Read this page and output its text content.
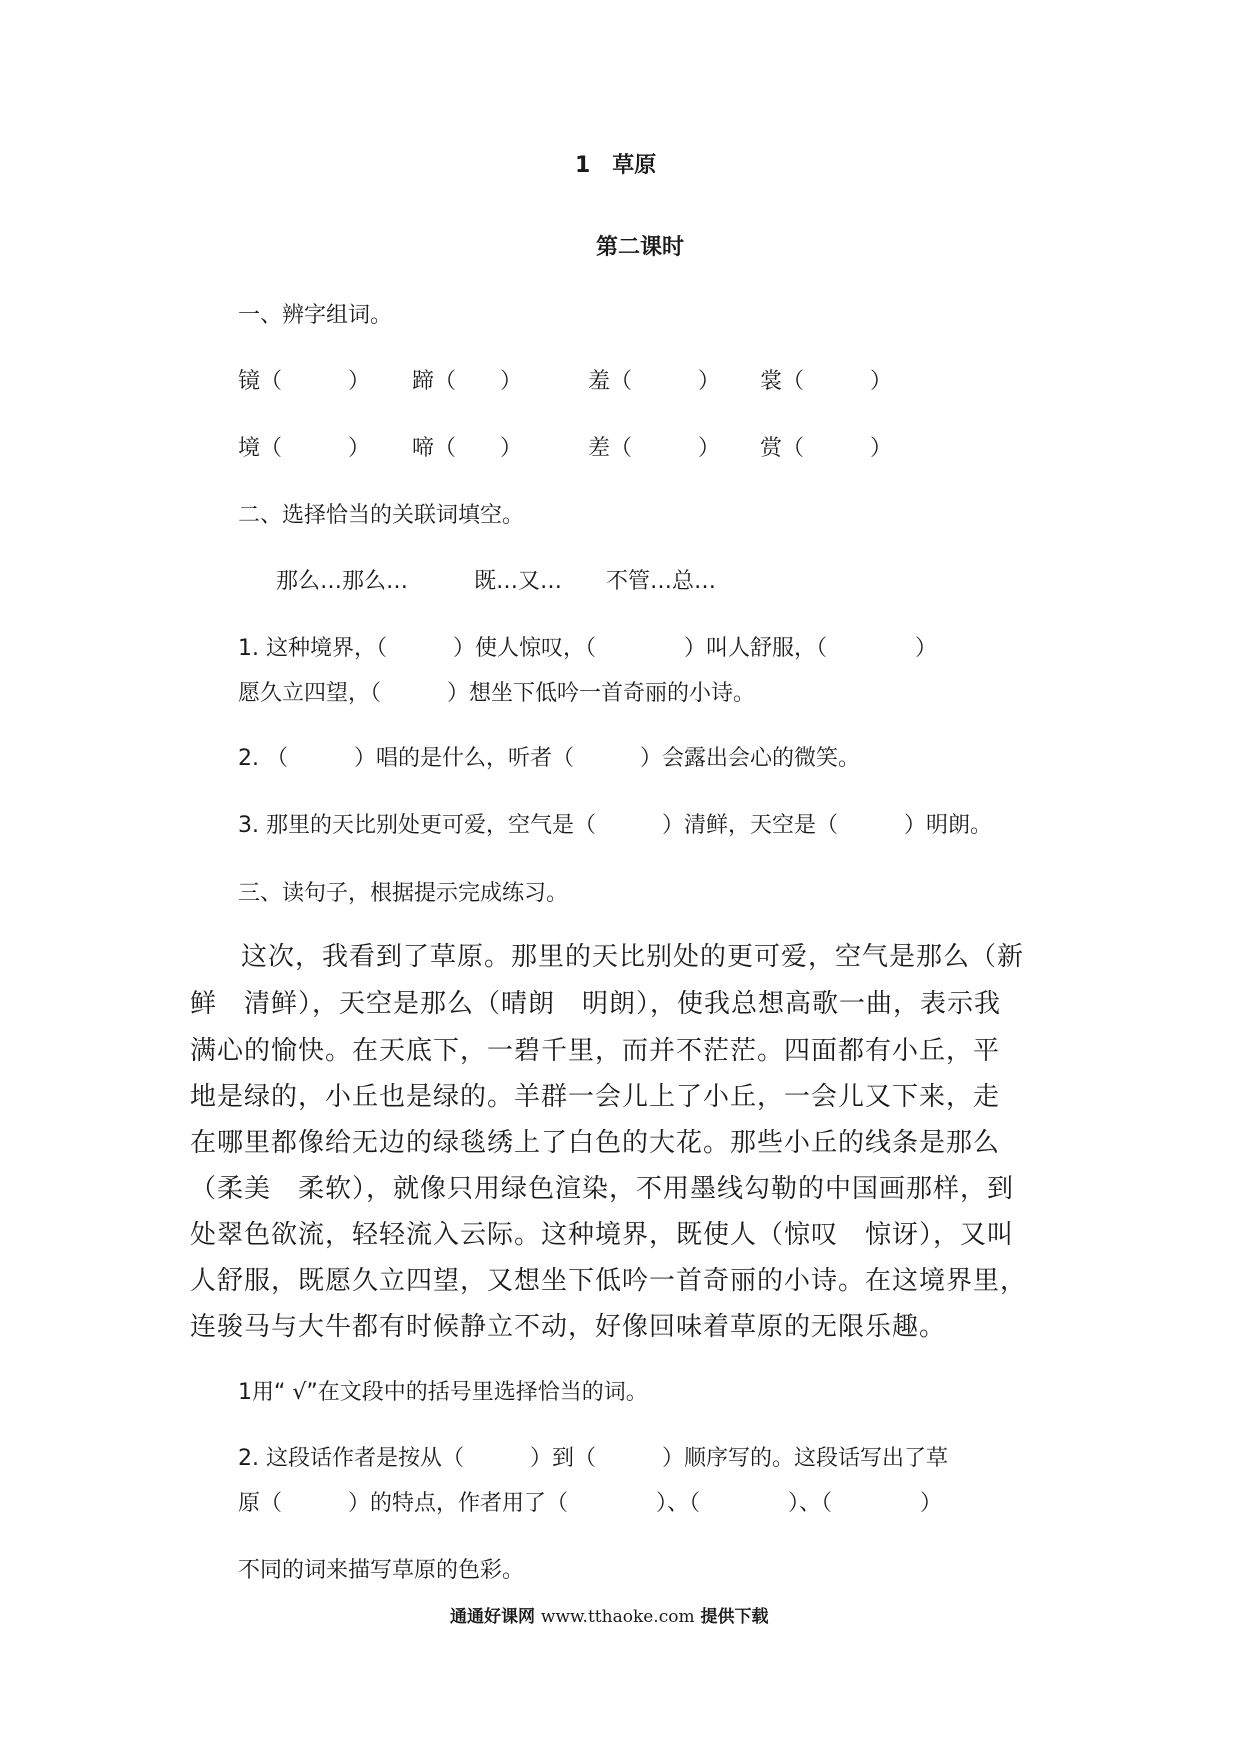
1　草原
第二课时
一、辨字组词。
镜（　　　） 蹄（　　）	羞（　　　） 裳（　　　）
境（　　　） 啼（　　）	差（　　　） 赏（　　　）
二、选择恰当的关联词填空。
那么…那么…　　　既…又…　　不管…总…
1. 这种境界，（　　　）使人惊叹，（　　　　）叫人舒服，（　　　　）
愿久立四望，（　　　）想坐下低吟一首奇丽的小诗。
2. （　　　）唱的是什么，听者（　　　）会露出会心的微笑。
3. 那里的天比别处更可爱，空气是（　　　）清鲜，天空是（　　　）明朗。
三、读句子，根据提示完成练习。
　这次，我看到了草原。那里的天比别处的更可爱，空气是那么（新
鲜　清鲜），天空是那么（晴朗　明朗），使我总想高歌一曲，表示我
满心的愉快。在天底下，一碧千里，而并不茫茫。四面都有小丘，平
地是绿的，小丘也是绿的。羊群一会儿上了小丘，一会儿又下来，走
在哪里都像给无边的绿毯绣上了白色的大花。那些小丘的线条是那么
（柔美　柔软），就像只用绿色渲染，不用墨线勾勒的中国画那样，到
处翠色欲流，轻轻流入云际。这种境界，既使人（惊叹　惊讶），又叫
人舒服，既愿久立四望，又想坐下低吟一首奇丽的小诗。在这境界里，
连骏马与大牛都有时候静立不动，好像回味着草原的无限乐趣。
1用“ √”在文段中的括号里选择恰当的词。
2. 这段话作者是按从（　　　）到（　　　）顺序写的。这段话写出了草
原（　　　）的特点，作者用了（　　　　）、（　　　　）、（　　　　）
不同的词来描写草原的色彩。
通通好课网 www.tthaoke.com 提供下载
